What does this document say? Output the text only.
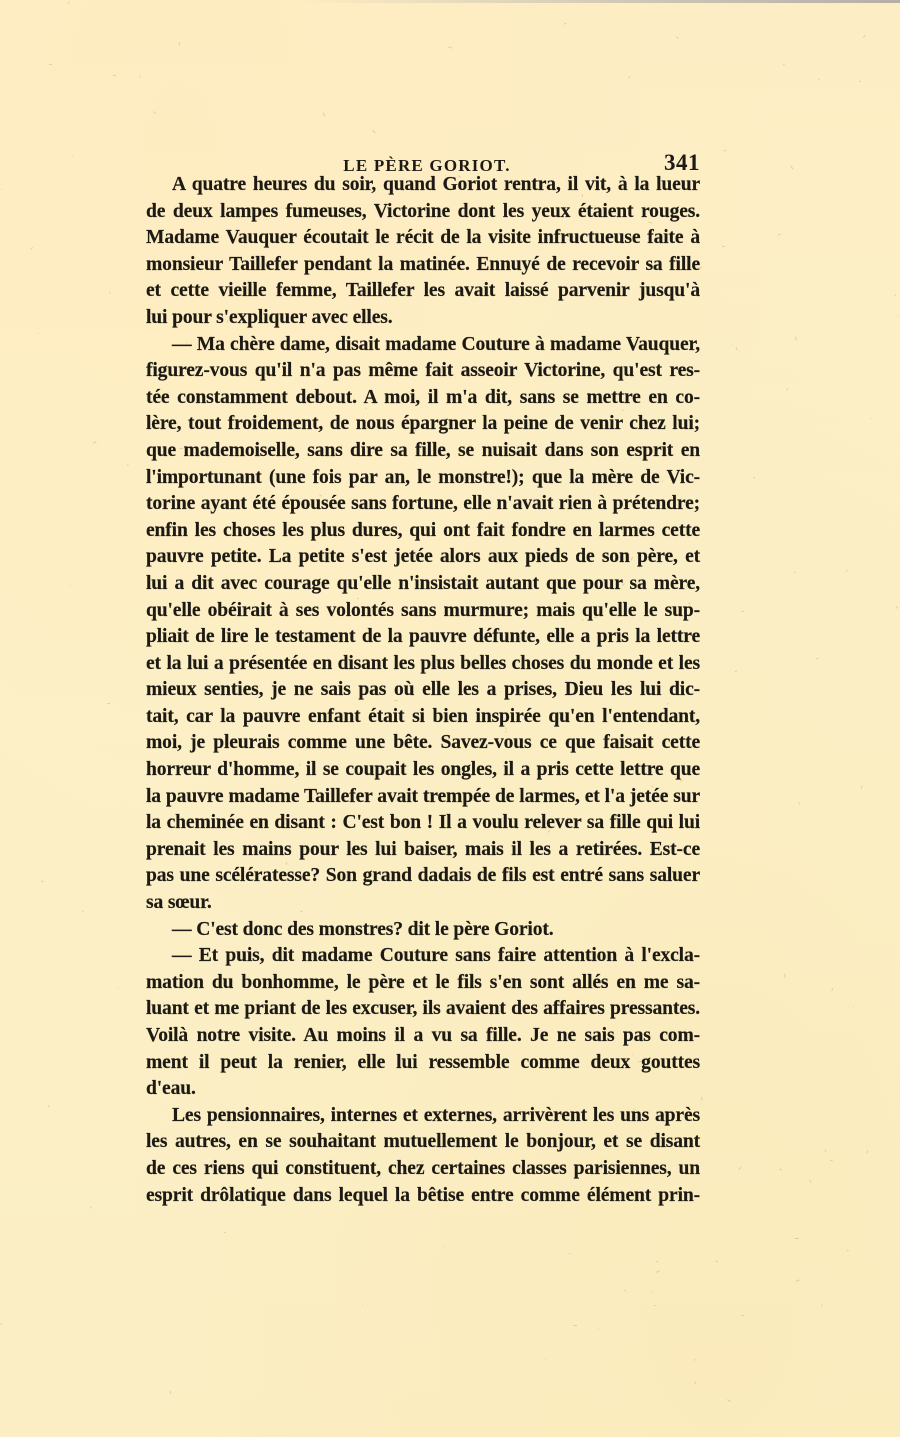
LE PÈRE GORIOT.	341
A quatre heures du soir, quand Goriot rentra, il vit, à la lueur
de deux lampes fumeuses, Victorine dont les yeux étaient rouges.
Madame Vauquer écoutait le récit de la visite infructueuse faite à
monsieur Taillefer pendant la matinée. Ennuyé de recevoir sa fille
et cette vieille femme, Taillefer les avait laissé parvenir jusqu'à
lui pour s'expliquer avec elles.
— Ma chère dame, disait madame Couture à madame Vauquer,
figurez-vous qu'il n'a pas même fait asseoir Victorine, qu'est res-
tée constamment debout. A moi, il m'a dit, sans se mettre en co-
lère, tout froidement, de nous épargner la peine de venir chez lui;
que mademoiselle, sans dire sa fille, se nuisait dans son esprit en
l'importunant (une fois par an, le monstre!); que la mère de Vic-
torine ayant été épousée sans fortune, elle n'avait rien à prétendre;
enfin les choses les plus dures, qui ont fait fondre en larmes cette
pauvre petite. La petite s'est jetée alors aux pieds de son père, et
lui a dit avec courage qu'elle n'insistait autant que pour sa mère,
qu'elle obéirait à ses volontés sans murmure; mais qu'elle le sup-
pliait de lire le testament de la pauvre défunte, elle a pris la lettre
et la lui a présentée en disant les plus belles choses du monde et les
mieux senties, je ne sais pas où elle les a prises, Dieu les lui dic-
tait, car la pauvre enfant était si bien inspirée qu'en l'entendant,
moi, je pleurais comme une bête. Savez-vous ce que faisait cette
horreur d'homme, il se coupait les ongles, il a pris cette lettre que
la pauvre madame Taillefer avait trempée de larmes, et l'a jetée sur
la cheminée en disant : C'est bon ! Il a voulu relever sa fille qui lui
prenait les mains pour les lui baiser, mais il les a retirées. Est-ce
pas une scélératesse? Son grand dadais de fils est entré sans saluer
sa sœur.
— C'est donc des monstres? dit le père Goriot.
— Et puis, dit madame Couture sans faire attention à l'excla-
mation du bonhomme, le père et le fils s'en sont allés en me sa-
luant et me priant de les excuser, ils avaient des affaires pressantes.
Voilà notre visite. Au moins il a vu sa fille. Je ne sais pas com-
ment il peut la renier, elle lui ressemble comme deux gouttes
d'eau.
Les pensionnaires, internes et externes, arrivèrent les uns après
les autres, en se souhaitant mutuellement le bonjour, et se disant
de ces riens qui constituent, chez certaines classes parisiennes, un
esprit drôlatique dans lequel la bêtise entre comme élément prin-
